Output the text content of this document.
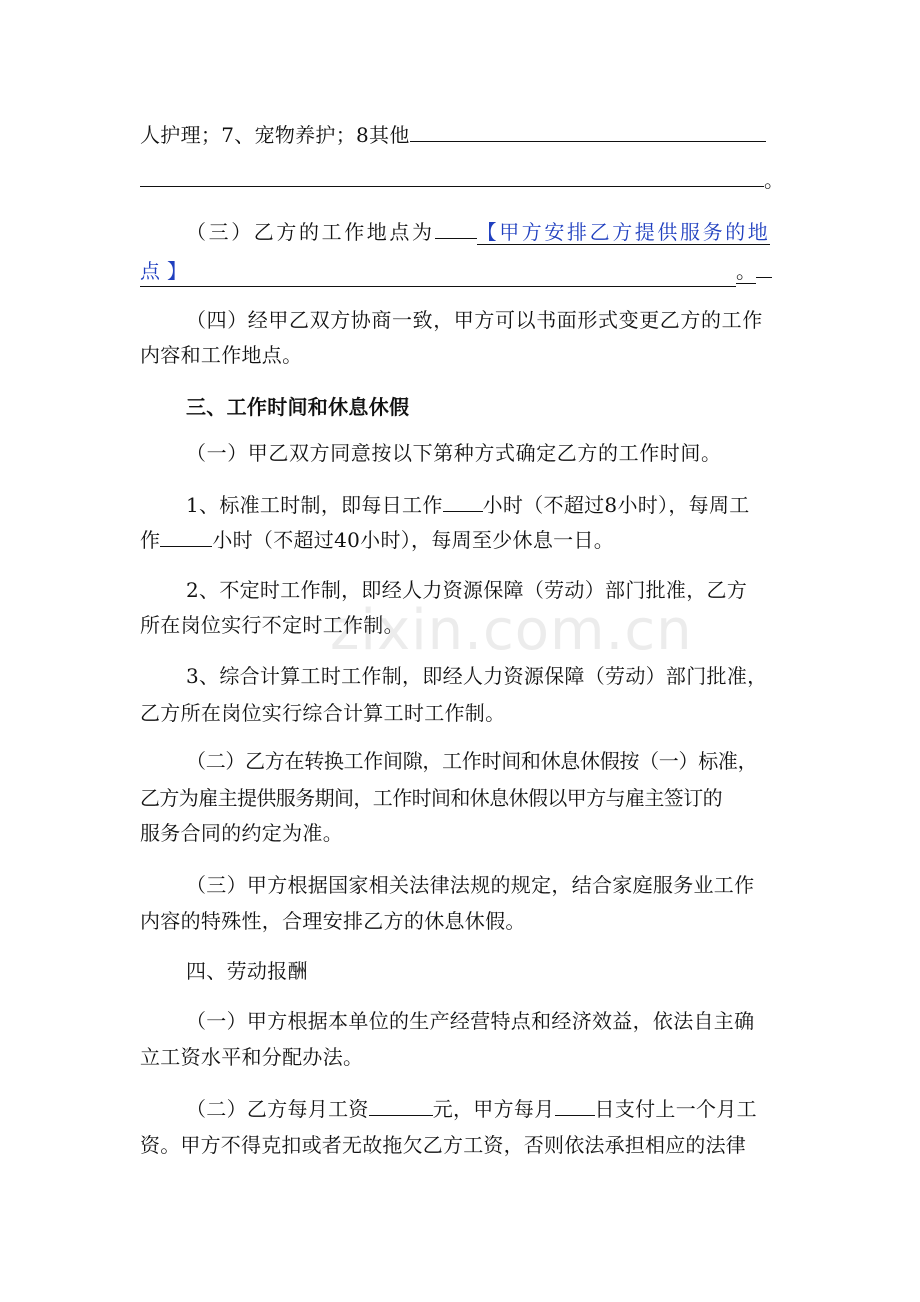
zixin.com.cn
人护理；7、宠物养护；8其他
。
（三）乙方的工作地点为 【甲方安排乙方提供服务的地
点 】	。
（四）经甲乙双方协商一致，甲方可以书面形式变更乙方的工作
内容和工作地点。
三、工作时间和休息休假
（一）甲乙双方同意按以下第种方式确定乙方的工作时间。
1、标准工时制，即每日工作 小时（不超过8小时），每周工
作	小时（不超过40小时），每周至少休息一日。
2、不定时工作制，即经人力资源保障（劳动）部门批准，乙方
所在岗位实行不定时工作制。
3、综合计算工时工作制，即经人力资源保障（劳动）部门批准，
乙方所在岗位实行综合计算工时工作制。
（二）乙方在转换工作间隙，工作时间和休息休假按（一）标准，
乙方为雇主提供服务期间，工作时间和休息休假以甲方与雇主签订的
服务合同的约定为准。
（三）甲方根据国家相关法律法规的规定，结合家庭服务业工作
内容的特殊性，合理安排乙方的休息休假。
四、劳动报酬
（一）甲方根据本单位的生产经营特点和经济效益，依法自主确
立工资水平和分配办法。
（二）乙方每月工资	元，甲方每月 日支付上一个月工
资。甲方不得克扣或者无故拖欠乙方工资，否则依法承担相应的法律
